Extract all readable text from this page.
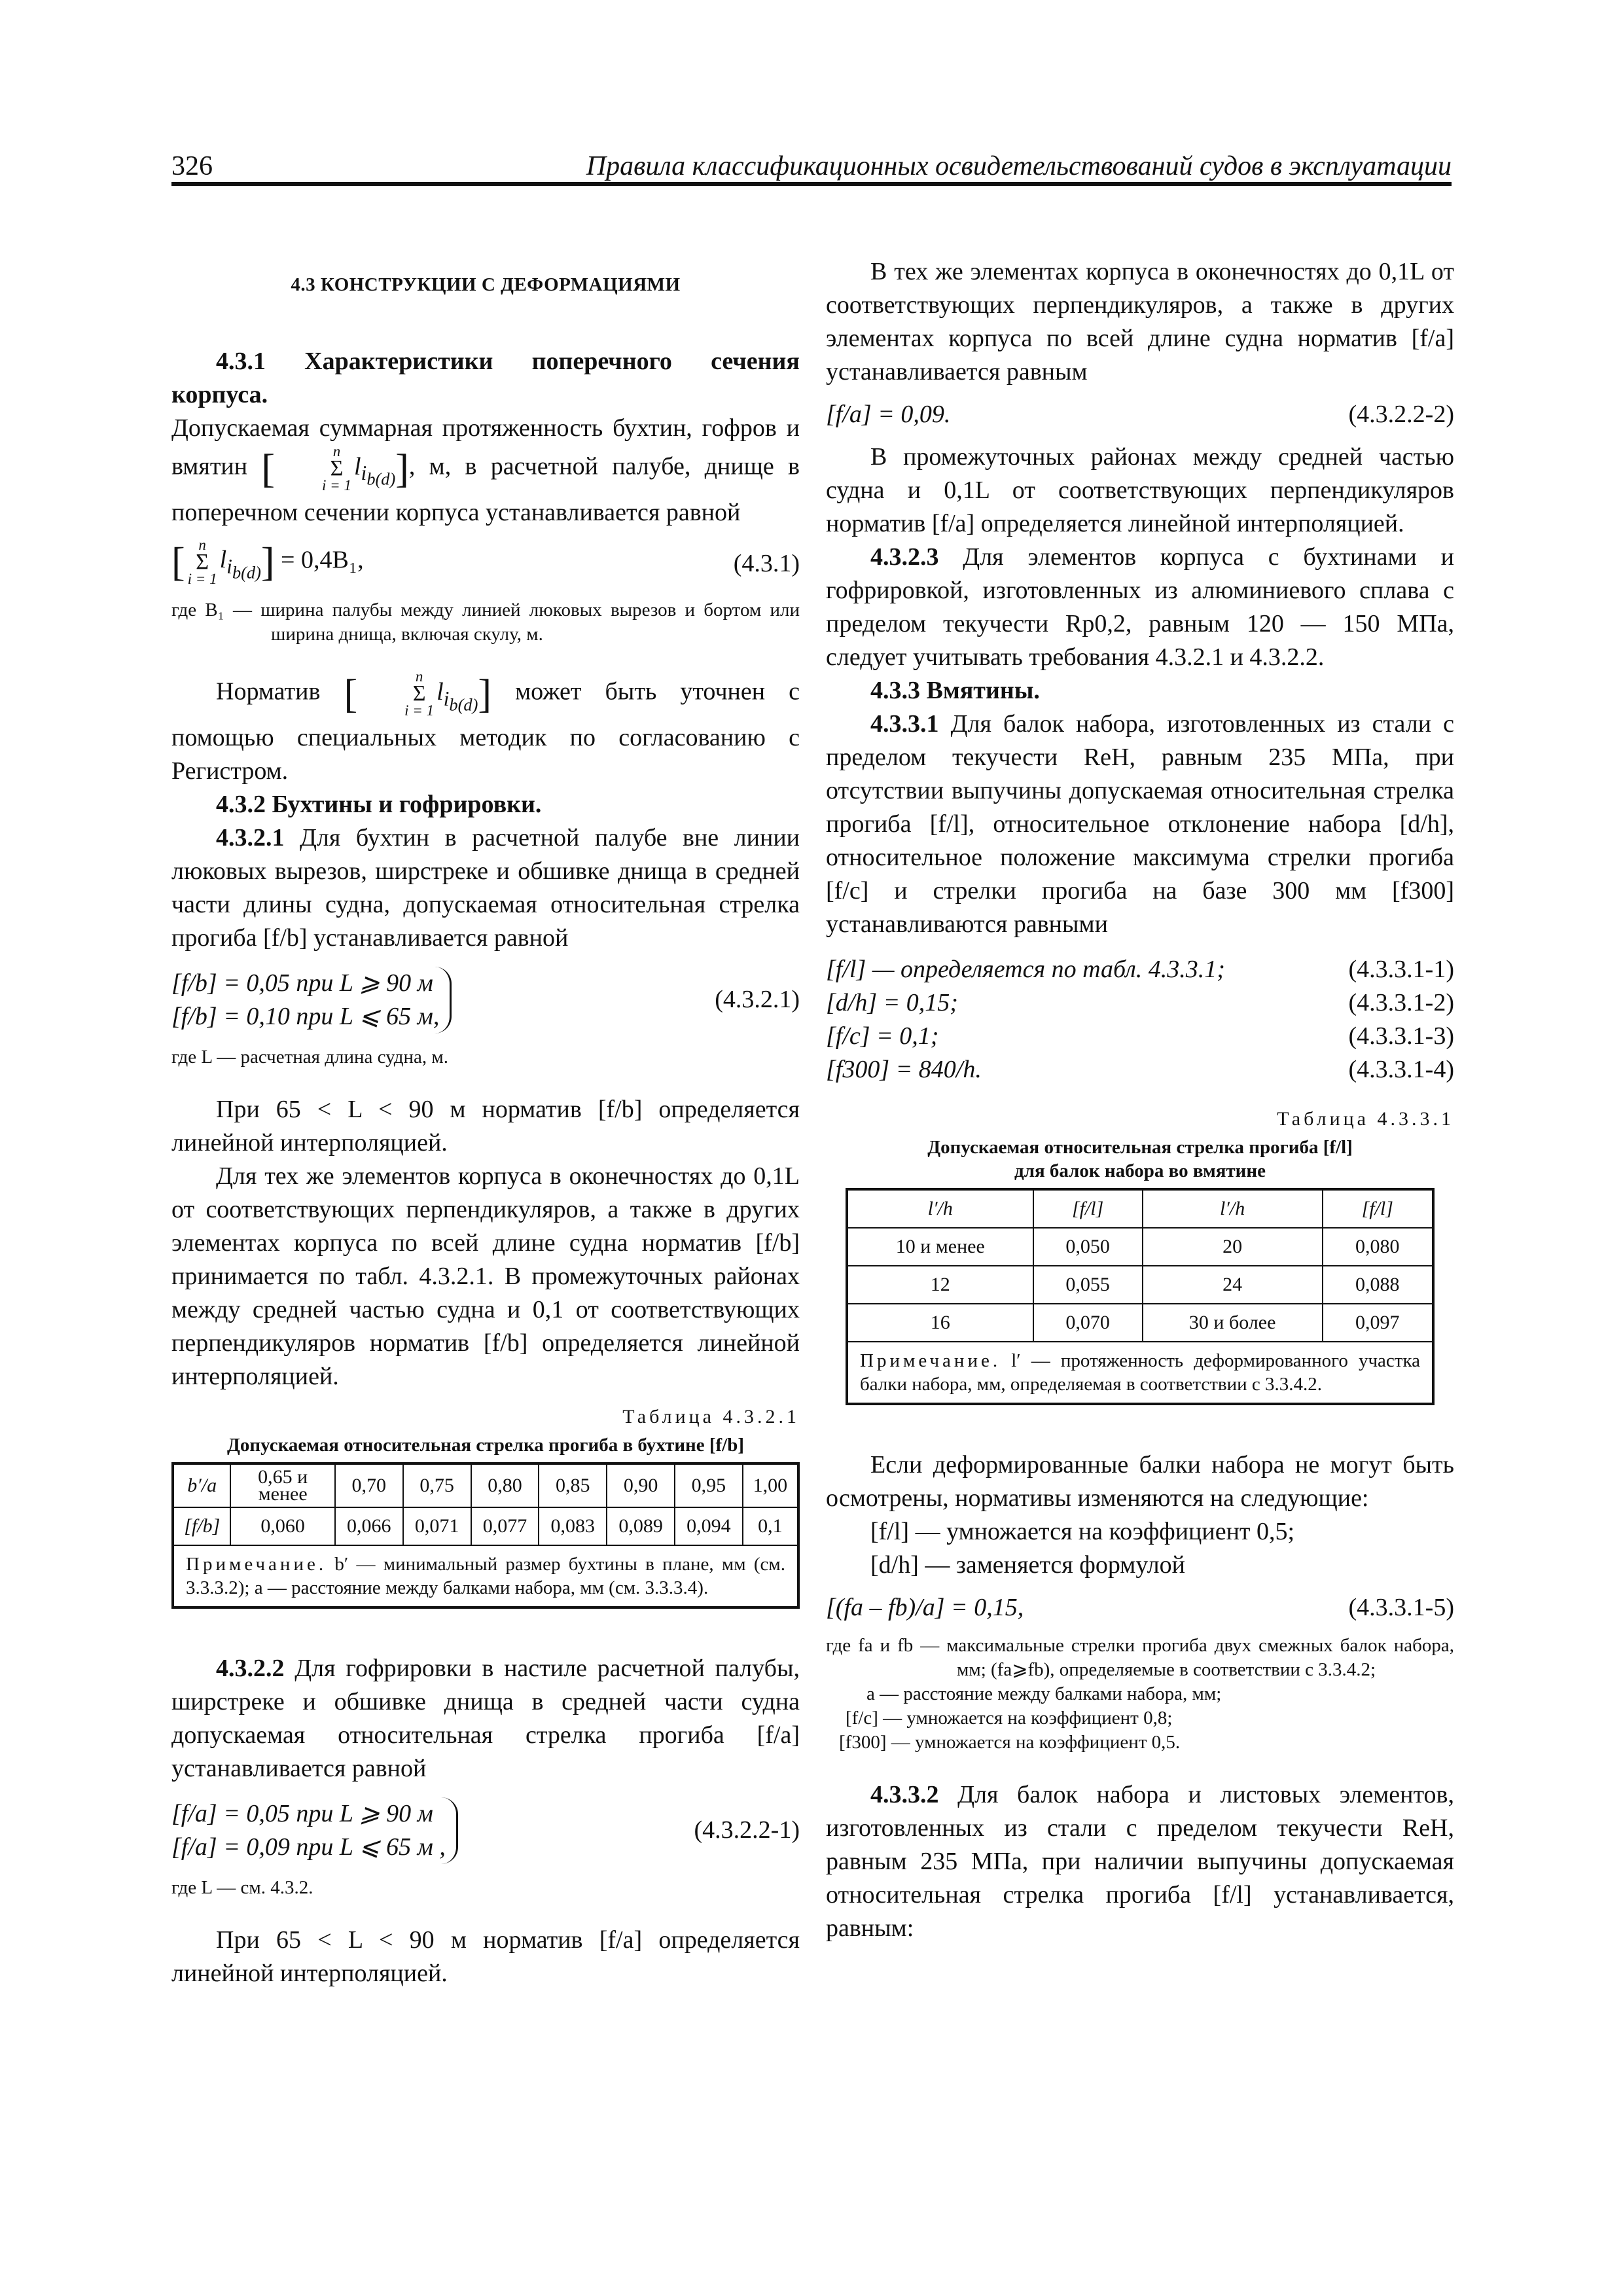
326	Правила классификационных освидетельствований судов в эксплуатации
4.3 КОНСТРУКЦИИ С ДЕФОРМАЦИЯМИ

4.3.1 Характеристики поперечного сечения корпуса.
Допускаемая суммарная протяженность бухтин, гофров и вмятин [	n
Σ
i = 1
$l_{i_{b(d)}}$], м, в расчетной палубе, днище в поперечном сечении корпуса устанавливается равной

[ n
Σ
i = 1
$l_{i_{b(d)}}] = 0,4B_1$,	(4.3.1)
где B₁ — ширина палубы между линией люковых вырезов и бортом или ширина днища, включая скулу, м.

Норматив [	n
Σ
i = 1
$l_{i_{b(d)}}$] может быть уточнен с помощью специальных методик по согласованию с Регистром.

4.3.2 Бухтины и гофрировки.

4.3.2.1 Для бухтин в расчетной палубе вне линии люковых вырезов, ширстреке и обшивке днища в средней части длины судна, допускаемая относительная стрелка прогиба [f/b] устанавливается равной

[f/b] = 0,05 при L ⩾ 90 м
[f/b] = 0,10 при L ⩽ 65 м,
(4.3.2.1)
где L — расчетная длина судна, м.

При 65 < L < 90 м норматив [f/b] определяется линейной интерполяцией.

Для тех же элементов корпуса в оконечностях до 0,1L от соответствующих перпендикуляров, а также в других элементах корпуса по всей длине судна норматив [f/b] принимается по табл. 4.3.2.1. В промежуточных районах между средней частью судна и 0,1 от соответствующих перпендикуляров норматив [f/b] определяется линейной интерполяцией.

Таблица 4.3.2.1
Допускаемая относительная стрелка прогиба в бухтине [f/b]
b′/a	0,65 и менее	0,70	0,75	0,80	0,85	0,90	0,95	1,00
[f/b]	0,060	0,066	0,071	0,077	0,083	0,089	0,094	0,1
Примечание. b′ — минимальный размер бухтины в плане, мм (см. 3.3.3.2); a — расстояние между балками набора, мм (см. 3.3.3.4).								

4.3.2.2 Для гофрировки в настиле расчетной палубы, ширстреке и обшивке днища в средней части судна допускаемая относительная стрелка прогиба [f/a] устанавливается равной

[f/a] = 0,05 при L ⩾ 90 м
[f/a] = 0,09 при L ⩽ 65 м ,
(4.3.2.2-1)
где L — см. 4.3.2.

При 65 < L < 90 м норматив [f/a] определяется линейной интерполяцией.

В тех же элементах корпуса в оконечностях до 0,1L от соответствующих перпендикуляров, а также в других элементах корпуса по всей длине судна норматив [f/a] устанавливается равным

[f/a] = 0,09.	(4.3.2.2-2)

В промежуточных районах между средней частью судна и 0,1L от соответствующих перпендикуляров норматив [f/a] определяется линейной интерполяцией.

4.3.2.3 Для элементов корпуса с бухтинами и гофрировкой, изготовленных из алюминиевого сплава с пределом текучести Rp0,2, равным 120 — 150 МПа, следует учитывать требования 4.3.2.1 и 4.3.2.2.

4.3.3 Вмятины.

4.3.3.1 Для балок набора, изготовленных из стали с пределом текучести ReH, равным 235 МПа, при отсутствии выпучины допускаемая относительная стрелка прогиба [f/l], относительное отклонение набора [d/h], относительное положение максимума стрелки прогиба [f/c] и стрелки прогиба на базе 300 мм [f300] устанавливаются равными

[f/l] — определяется по табл. 4.3.3.1;	(4.3.3.1-1)
[d/h] = 0,15;	(4.3.3.1-2)
[f/c] = 0,1;	(4.3.3.1-3)
[f300] = 840/h.	(4.3.3.1-4)
Таблица 4.3.3.1
Допускаемая относительная стрелка прогиба [f/l]
для балок набора во вмятине
l′/h	[f/l]	l′/h	[f/l]
10 и менее	0,050	20	0,080
12	0,055	24	0,088
16	0,070	30 и более	0,097
Примечание. l′ — протяженность деформированного участка балки набора, мм, определяемая в соответствии с 3.3.4.2.			

Если деформированные балки набора не могут быть осмотрены, нормативы изменяются на следующие:

[f/l] — умножается на коэффициент 0,5;

[d/h] — заменяется формулой

[(fa – fb)/a] = 0,15,	(4.3.3.1-5)
где fa и fb — максимальные стрелки прогиба двух смежных балок набора, мм; (fa⩾fb), определяемые в соответствии с 3.3.4.2;
a — расстояние между балками набора, мм;
[f/c] — умножается на коэффициент 0,8;
[f300] — умножается на коэффициент 0,5.

4.3.3.2 Для балок набора и листовых элементов, изготовленных из стали с пределом текучести ReH, равным 235 МПа, при наличии выпучины допускаемая относительная стрелка прогиба [f/l] устанавливается, равным:
